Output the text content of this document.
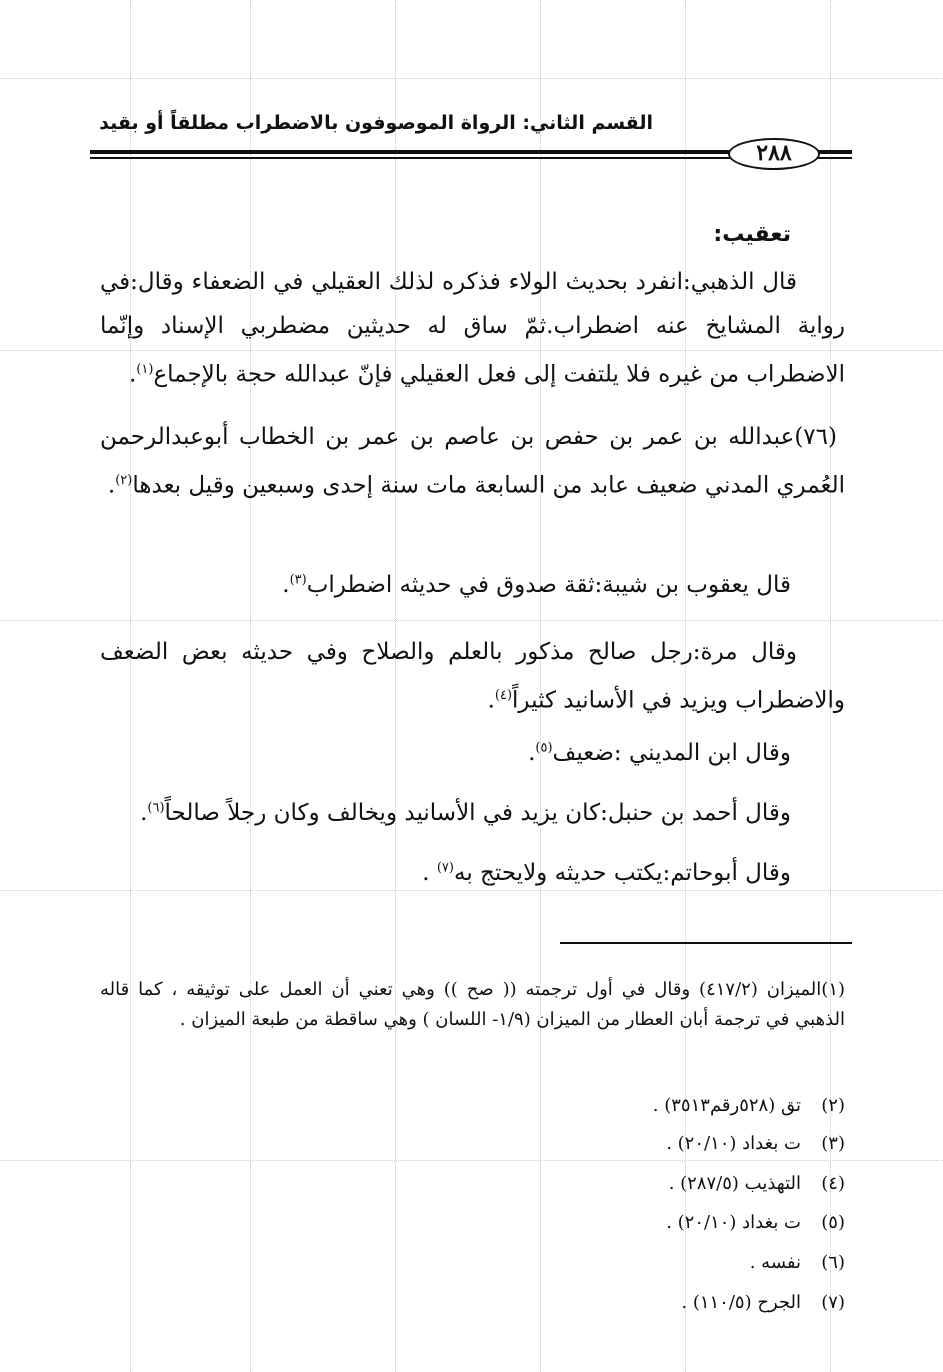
القسم الثاني: الرواة الموصوفون بالاضطراب مطلقاً أو بقيد
٢٨٨
تعقيب:

قال الذهبي:انفرد بحديث الولاء فذكره لذلك العقيلي في الضعفاء وقال:في رواية المشايخ عنه اضطراب.ثمّ ساق له حديثين مضطربي الإسناد وإنّما الاضطراب من غيره فلا يلتفت إلى فعل العقيلي فإنّ عبدالله حجة بالإجماع$^{(١)}$.

(٧٦)عبدالله بن عمر بن حفص بن عاصم بن عمر بن الخطاب أبوعبدالرحمن العُمري المدني ضعيف عابد من السابعة مات سنة إحدى وسبعين وقيل بعدها$^{(٢)}$.

قال يعقوب بن شيبة:ثقة صدوق في حديثه اضطراب$^{(٣)}$.

وقال مرة:رجل صالح مذكور بالعلم والصلاح وفي حديثه بعض الضعف والاضطراب ويزيد في الأسانيد كثيراً$^{(٤)}$.

وقال ابن المديني :ضعيف$^{(٥)}$.
وقال أحمد بن حنبل:كان يزيد في الأسانيد ويخالف وكان رجلاً صالحاً$^{(٦)}$.
وقال أبوحاتم:يكتب حديثه ولايحتج به$^{(٧)}$ .

(١)الميزان (٤١٧/٢) وقال في أول ترجمته (( صح )) وهي تعني أن العمل على توثيقه ، كما قاله الذهبي في ترجمة أبان العطار من الميزان (١/٩- اللسان ) وهي ساقطة من طبعة الميزان .

(٢)تق (٥٢٨رقم٣٥١٣) .
(٣)ت بغداد (٢٠/١٠) .
(٤)التهذيب (٢٨٧/٥) .
(٥)ت بغداد (٢٠/١٠) .
(٦)نفسه .
(٧)الجرح (١١٠/٥) .
